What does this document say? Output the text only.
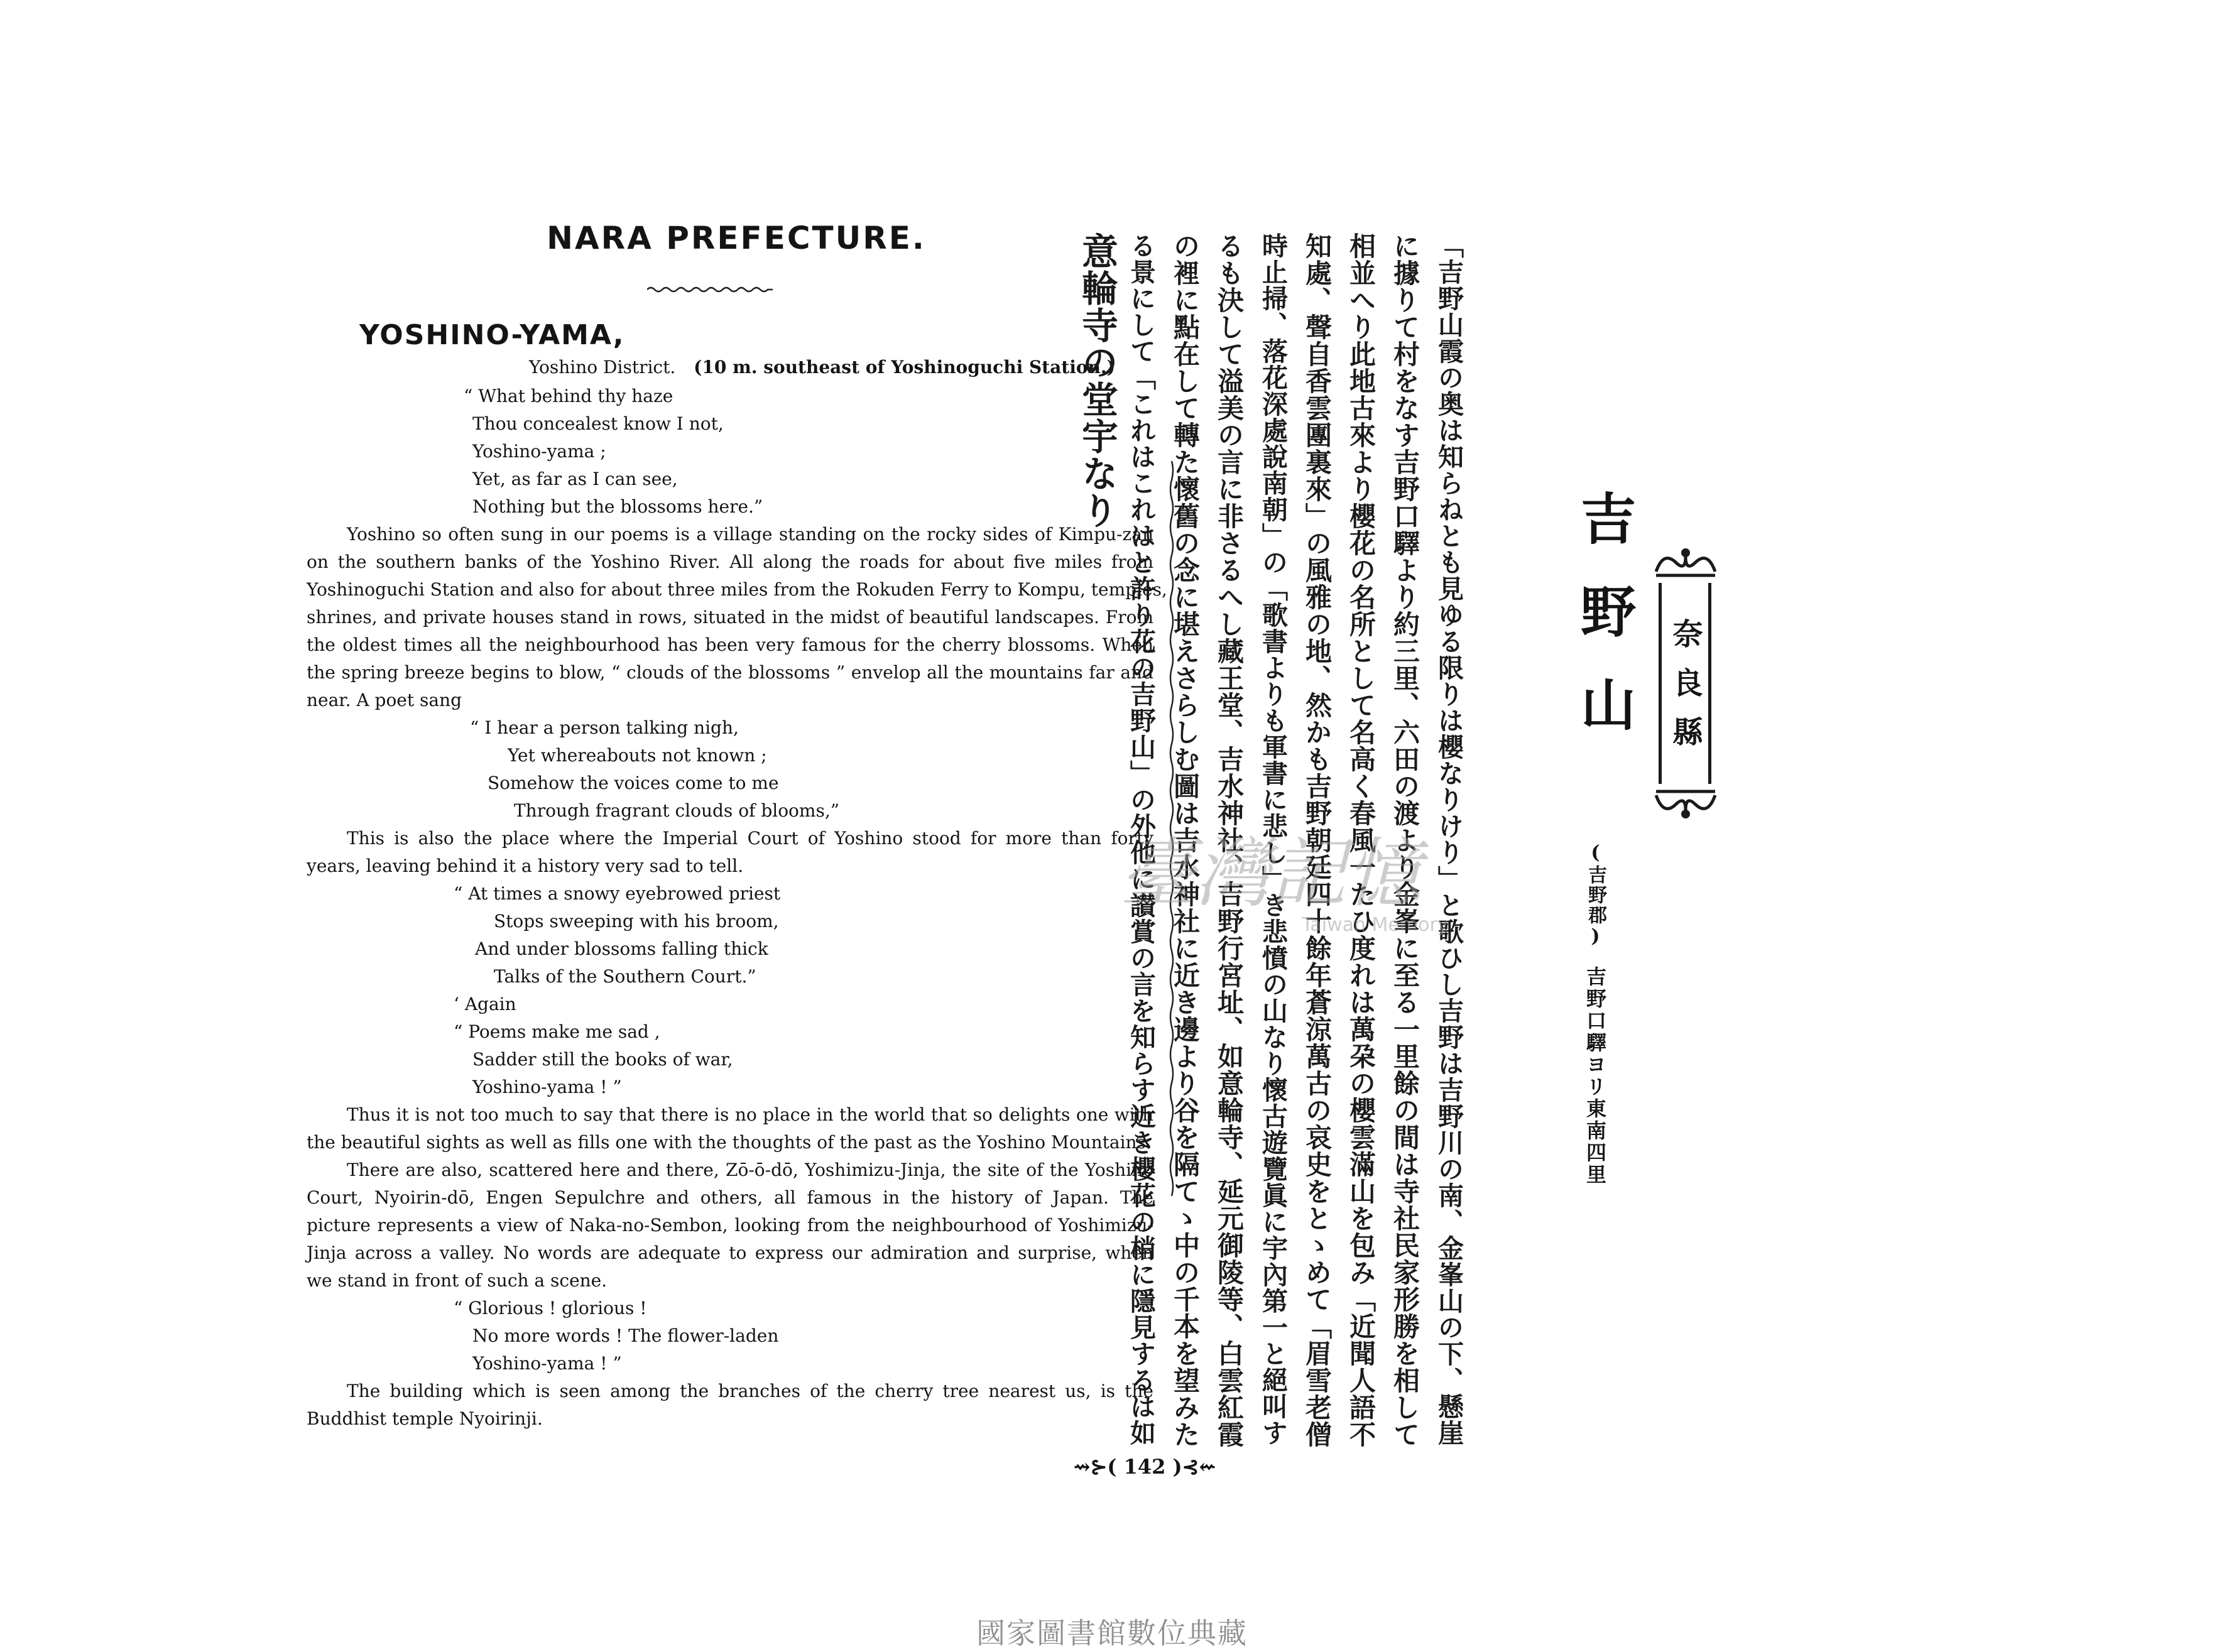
NARA PREFECTURE.
YOSHINO-YAMA,
Yoshino District. (10 m. southeast of Yoshinoguchi Station.)
“ What behind thy haze
Thou concealest know I not,
Yoshino-yama ;
Yet, as far as I can see,
Nothing but the blossoms here.”
Yoshino so often sung in our poems is a village standing on the rocky sides of Kimpu-zan
on the southern banks of the Yoshino River. All along the roads for about five miles from
Yoshinoguchi Station and also for about three miles from the Rokuden Ferry to Kompu, temples,
shrines, and private houses stand in rows, situated in the midst of beautiful landscapes. From
the oldest times all the neighbourhood has been very famous for the cherry blossoms. When
the spring breeze begins to blow, “ clouds of the blossoms ” envelop all the mountains far and
near. A poet sang
“ I hear a person talking nigh,
Yet whereabouts not known ;
Somehow the voices come to me
Through fragrant clouds of blooms,”
This is also the place where the Imperial Court of Yoshino stood for more than forty
years, leaving behind it a history very sad to tell.
“ At times a snowy eyebrowed priest
Stops sweeping with his broom,
And under blossoms falling thick
Talks of the Southern Court.”
‘ Again
“ Poems make me sad ,
Sadder still the books of war,
Yoshino-yama ! ”
Thus it is not too much to say that there is no place in the world that so delights one with
the beautiful sights as well as fills one with the thoughts of the past as the Yoshino Mountains.
There are also, scattered here and there, Zō-ō-dō, Yoshimizu-Jinja, the site of the Yoshino
Court, Nyoirin-dō, Engen Sepulchre and others, all famous in the history of Japan. The
picture represents a view of Naka-no-Sembon, looking from the neighbourhood of Yoshimizu-
Jinja across a valley. No words are adequate to express our admiration and surprise, when
we stand in front of such a scene.
“ Glorious ! glorious !
No more words ! The flower-laden
Yoshino-yama ! ”
The building which is seen among the branches of the cherry tree nearest us, is the
Buddhist temple Nyoirinji.
⇝⊱( 142 )⊰⇜
奈良縣
吉野山
(吉野郡)
吉野口驛ヨリ東南四里
「吉野山霞の奥は知らねとも見ゆる限りは櫻なりけり」と歌ひし吉野は吉野川の南、金峯山の下、懸崖
に據りて村をなす吉野口驛より約三里、六田の渡より金峯に至る一里餘の間は寺社民家形勝を相して
相並へり此地古來より櫻花の名所として名高く春風一たひ度れは萬朶の櫻雲滿山を包み「近聞人語不
知處、聲自香雲團裏來」の風雅の地、然かも吉野朝廷四十餘年蒼涼萬古の哀史をとゝめて「眉雪老僧
時止掃、落花深處說南朝」の「歌書よりも軍書に悲し」き悲憤の山なり懷古遊覽眞に宇內第一と絕叫す
るも決して溢美の言に非さるへし藏王堂、吉水神社、吉野行宮址、如意輪寺、延元御陵等、白雲紅霞
の裡に點在して轉た懷舊の念に堪えさらしむ圖は吉水神社に近き邊より谷を隔てゝ中の千本を望みた
る景にして「これはこれはと許り花の吉野山」の外他に讃賞の言を知らす近き櫻花の梢に隱見するは如
意輪寺の堂宇なり
臺灣記憶
Taiwan Memory
國家圖書館數位典藏
